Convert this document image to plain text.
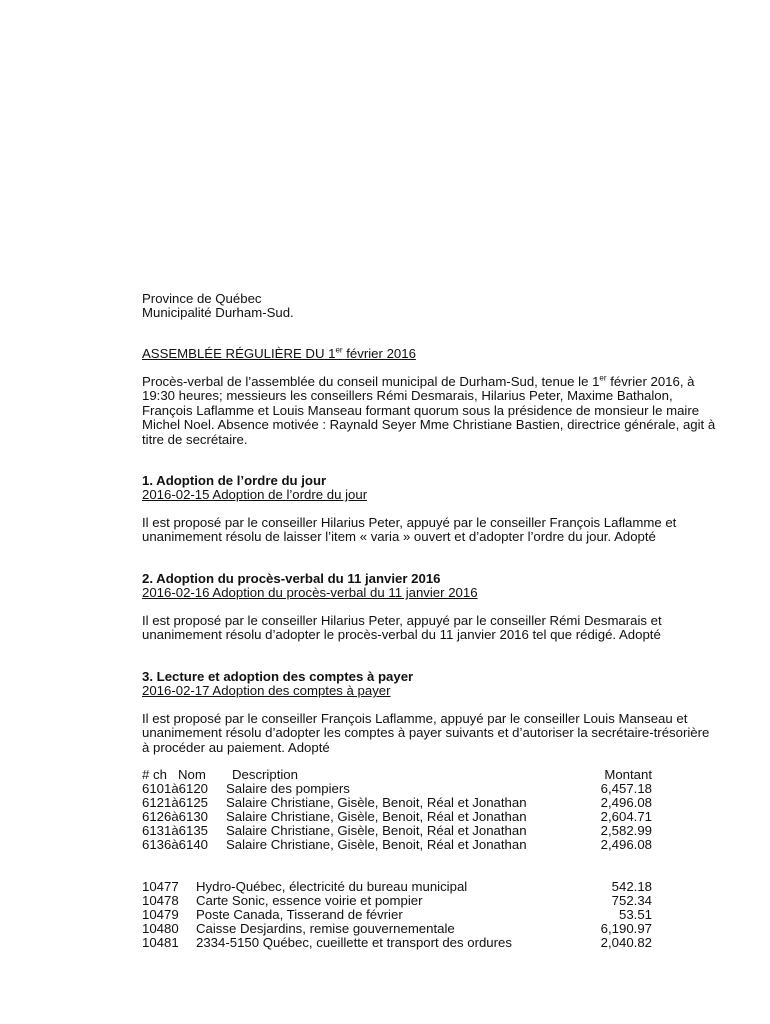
Province de Québec
Municipalité Durham-Sud.
ASSEMBLÉE RÉGULIÈRE DU 1er février 2016
Procès-verbal de l’assemblée du conseil municipal de Durham-Sud, tenue le 1er février 2016, à 19:30 heures; messieurs les conseillers Rémi Desmarais, Hilarius Peter, Maxime Bathalon, François Laflamme et Louis Manseau formant quorum sous la présidence de monsieur le maire Michel Noel. Absence motivée : Raynald Seyer Mme Christiane Bastien, directrice générale, agit à titre de secrétaire.
1. Adoption de l’ordre du jour
2016-02-15 Adoption de l’ordre du jour
Il est proposé par le conseiller Hilarius Peter, appuyé par le conseiller François Laflamme et unanimement résolu de laisser l’item « varia » ouvert et d’adopter l’ordre du jour. Adopté
2. Adoption du procès-verbal du 11 janvier 2016
2016-02-16 Adoption du procès-verbal du 11 janvier 2016
Il est proposé par le conseiller Hilarius Peter, appuyé par le conseiller Rémi Desmarais et unanimement résolu d’adopter le procès-verbal du 11 janvier 2016 tel que rédigé. Adopté
3. Lecture et adoption des comptes à payer
2016-02-17 Adoption des comptes à payer
Il est proposé par le conseiller François Laflamme, appuyé par le conseiller Louis Manseau et unanimement résolu d’adopter les comptes à payer suivants et d’autoriser la secrétaire-trésorière à procéder au paiement. Adopté
# ch Nom Description	Montant
6101à6120 Salaire des pompiers	6,457.18
6121à6125 Salaire Christiane, Gisèle, Benoit, Réal et Jonathan	2,496.08
6126à6130 Salaire Christiane, Gisèle, Benoit, Réal et Jonathan	2,604.71
6131à6135 Salaire Christiane, Gisèle, Benoit, Réal et Jonathan	2,582.99
6136à6140 Salaire Christiane, Gisèle, Benoit, Réal et Jonathan	2,496.08
10477 Hydro-Québec, électricité du bureau municipal	542.18
10478 Carte Sonic, essence voirie et pompier	752.34
10479 Poste Canada, Tisserand de février	53.51
10480 Caisse Desjardins, remise gouvernementale	6,190.97
10481 2334-5150 Québec, cueillette et transport des ordures	2,040.82
